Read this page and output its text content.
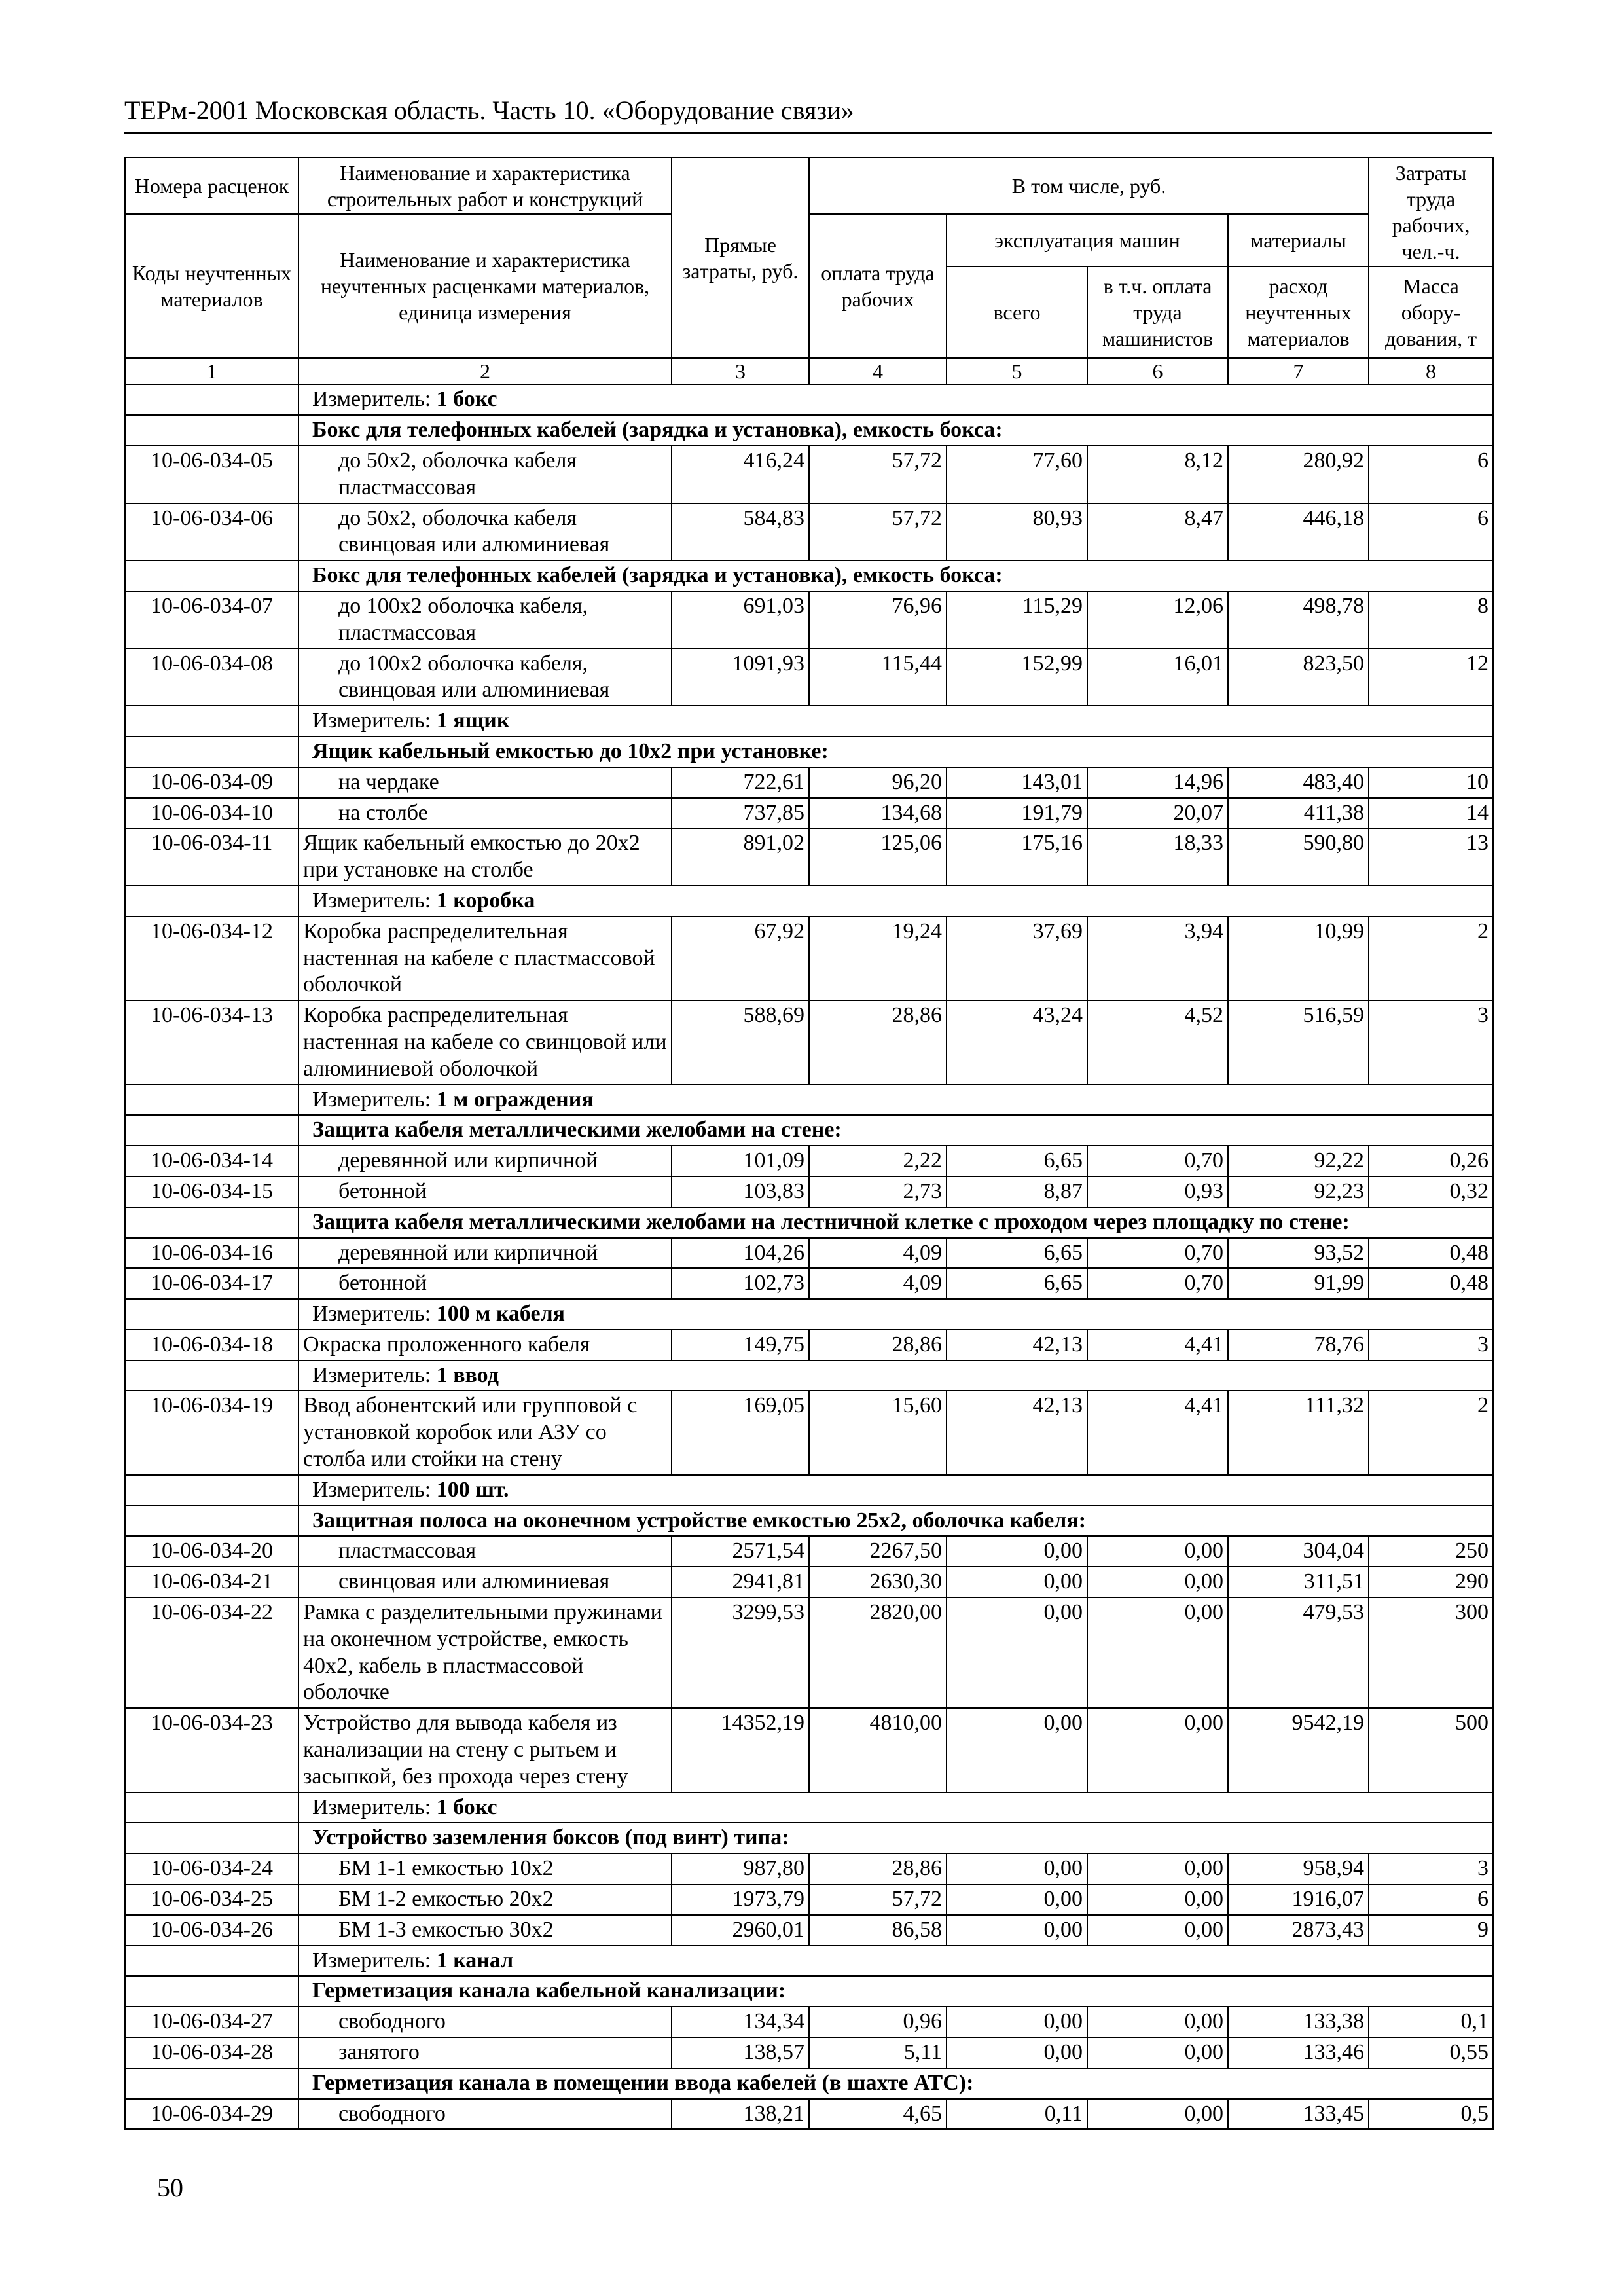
ТЕРм-2001 Московская область. Часть 10. «Оборудование связи»
Номера расценок	Наименование и характеристика строительных работ и конструкций	Прямые затраты, руб.	В том числе, руб.				Затраты труда рабочих, чел.-ч.
Коды неучтенных материалов	Наименование и характеристика неучтенных расценками материалов, единица измерения		оплата труда рабочих	эксплуатация машин		материалы	
				всего	в т.ч. оплата труда машинистов	расход неучтенных материалов	Масса обору-дования, т
1	2	3	4	5	6	7	8
	Измеритель: 1 бокс						
	Бокс для телефонных кабелей (зарядка и установка), емкость бокса:						
10-06-034-05	до 50х2, оболочка кабеля пластмассовая	416,24	57,72	77,60	8,12	280,92	6
10-06-034-06	до 50х2, оболочка кабеля свинцовая или алюминиевая	584,83	57,72	80,93	8,47	446,18	6
	Бокс для телефонных кабелей (зарядка и установка), емкость бокса:						
10-06-034-07	до 100х2 оболочка кабеля, пластмассовая	691,03	76,96	115,29	12,06	498,78	8
10-06-034-08	до 100х2 оболочка кабеля, свинцовая или алюминиевая	1091,93	115,44	152,99	16,01	823,50	12
	Измеритель: 1 ящик						
	Ящик кабельный емкостью до 10х2 при установке:						
10-06-034-09	на чердаке	722,61	96,20	143,01	14,96	483,40	10
10-06-034-10	на столбе	737,85	134,68	191,79	20,07	411,38	14
10-06-034-11	Ящик кабельный емкостью до 20х2 при установке на столбе	891,02	125,06	175,16	18,33	590,80	13
	Измеритель: 1 коробка						
10-06-034-12	Коробка распределительная настенная на кабеле с пластмассовой оболочкой	67,92	19,24	37,69	3,94	10,99	2
10-06-034-13	Коробка распределительная настенная на кабеле со свинцовой или алюминиевой оболочкой	588,69	28,86	43,24	4,52	516,59	3
	Измеритель: 1 м ограждения						
	Защита кабеля металлическими желобами на стене:						
10-06-034-14	деревянной или кирпичной	101,09	2,22	6,65	0,70	92,22	0,26
10-06-034-15	бетонной	103,83	2,73	8,87	0,93	92,23	0,32
	Защита кабеля металлическими желобами на лестничной клетке с проходом через площадку по стене:						
10-06-034-16	деревянной или кирпичной	104,26	4,09	6,65	0,70	93,52	0,48
10-06-034-17	бетонной	102,73	4,09	6,65	0,70	91,99	0,48
	Измеритель: 100 м кабеля						
10-06-034-18	Окраска проложенного кабеля	149,75	28,86	42,13	4,41	78,76	3
	Измеритель: 1 ввод						
10-06-034-19	Ввод абонентский или групповой с установкой коробок или АЗУ со столба или стойки на стену	169,05	15,60	42,13	4,41	111,32	2
	Измеритель: 100 шт.						
	Защитная полоса на оконечном устройстве емкостью 25х2, оболочка кабеля:						
10-06-034-20	пластмассовая	2571,54	2267,50	0,00	0,00	304,04	250
10-06-034-21	свинцовая или алюминиевая	2941,81	2630,30	0,00	0,00	311,51	290
10-06-034-22	Рамка с разделительными пружинами на оконечном устройстве, емкость 40х2, кабель в пластмассовой оболочке	3299,53	2820,00	0,00	0,00	479,53	300
10-06-034-23	Устройство для вывода кабеля из канализации на стену с рытьем и засыпкой, без прохода через стену	14352,19	4810,00	0,00	0,00	9542,19	500
	Измеритель: 1 бокс						
	Устройство заземления боксов (под винт) типа:						
10-06-034-24	БМ 1-1 емкостью 10х2	987,80	28,86	0,00	0,00	958,94	3
10-06-034-25	БМ 1-2 емкостью 20х2	1973,79	57,72	0,00	0,00	1916,07	6
10-06-034-26	БМ 1-3 емкостью 30х2	2960,01	86,58	0,00	0,00	2873,43	9
	Измеритель: 1 канал						
	Герметизация канала кабельной канализации:						
10-06-034-27	свободного	134,34	0,96	0,00	0,00	133,38	0,1
10-06-034-28	занятого	138,57	5,11	0,00	0,00	133,46	0,55
	Герметизация канала в помещении ввода кабелей (в шахте АТС):						
10-06-034-29	свободного	138,21	4,65	0,11	0,00	133,45	0,5
50
